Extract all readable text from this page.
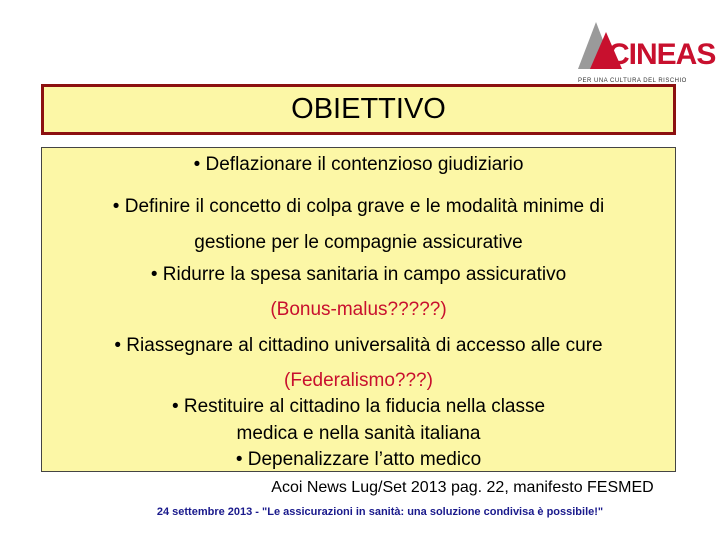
CINEAS
PER UNA CULTURA DEL RISCHIO
OBIETTIVO
• Deflazionare il contenzioso giudiziario
• Definire il concetto di colpa grave e le modalità minime di
gestione per le compagnie assicurative
• Ridurre la spesa sanitaria in campo assicurativo
(Bonus-malus?????)
• Riassegnare al cittadino universalità di accesso alle cure
(Federalismo???)
• Restituire al cittadino la fiducia nella classe
medica e nella sanità italiana
• Depenalizzare l’atto medico
Acoi News Lug/Set 2013 pag. 22, manifesto FESMED
24 settembre 2013 - "Le assicurazioni in sanità: una soluzione condivisa è possibile!"
